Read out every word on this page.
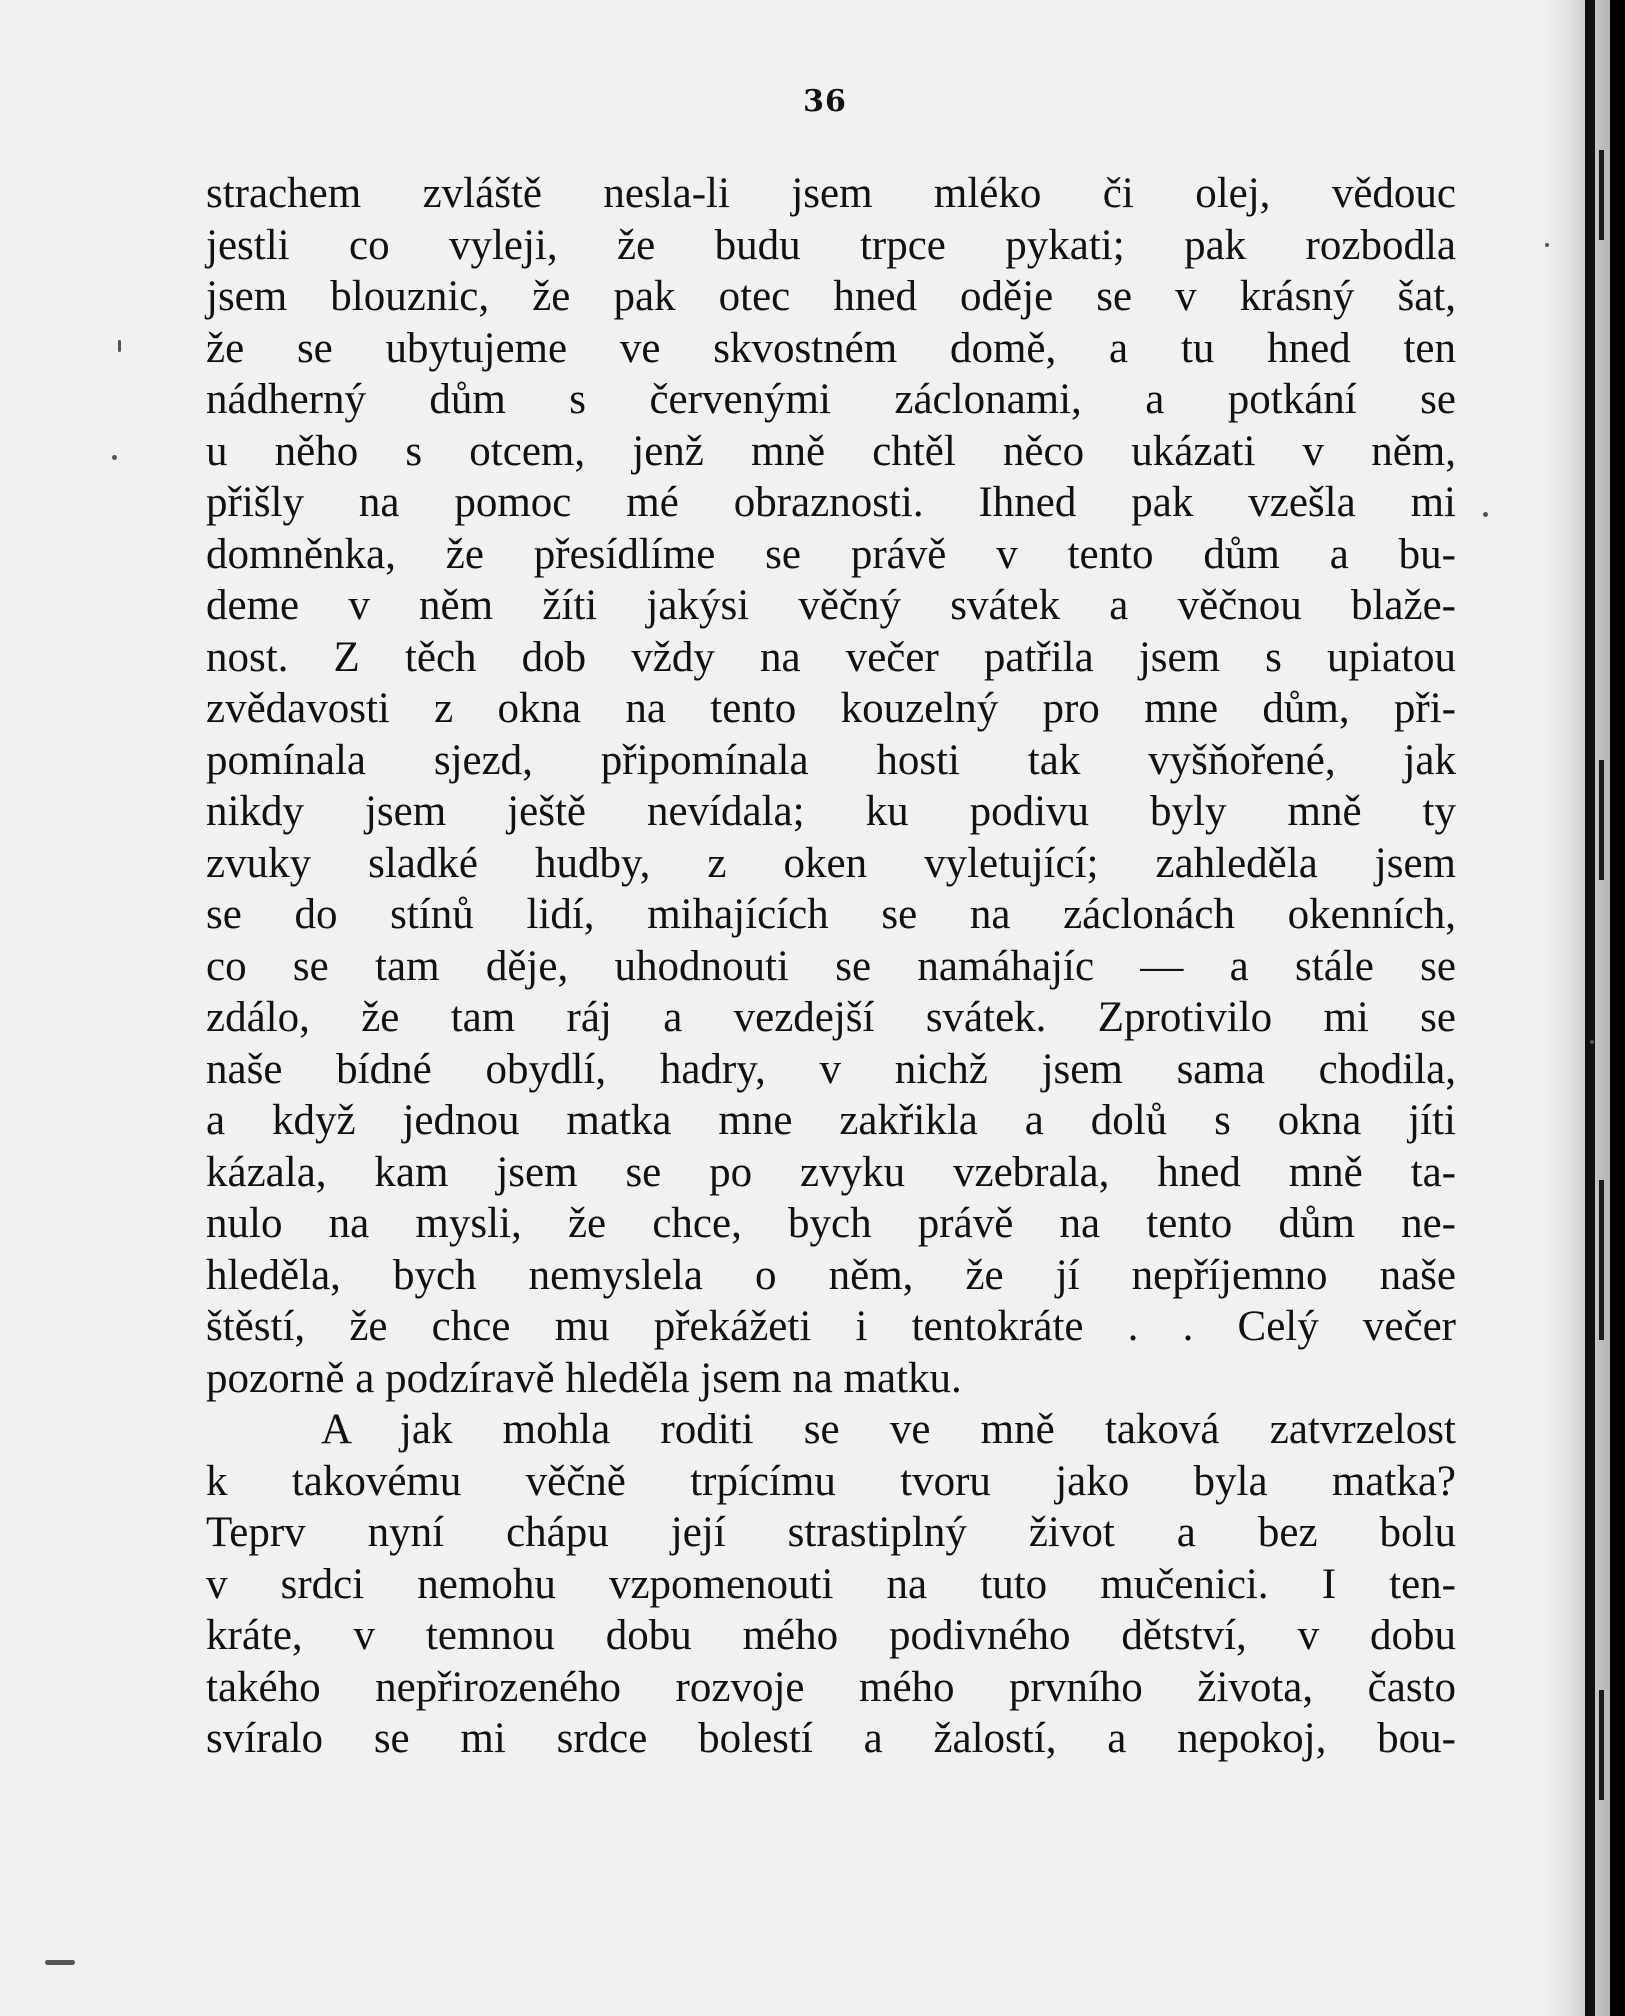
36
strachem zvláště nesla-li jsem mléko či olej, vědouc
jestli co vyleji, že budu trpce pykati; pak rozbodla
jsem blouznic, že pak otec hned oděje se v krásný šat,
že se ubytujeme ve skvostném domě, a tu hned ten
nádherný dům s červenými záclonami, a potkání se
u něho s otcem, jenž mně chtěl něco ukázati v něm,
přišly na pomoc mé obraznosti. Ihned pak vzešla mi
domněnka, že přesídlíme se právě v tento dům a bu-
deme v něm žíti jakýsi věčný svátek a věčnou blaže-
nost. Z těch dob vždy na večer patřila jsem s upiatou
zvědavosti z okna na tento kouzelný pro mne dům, při-
pomínala sjezd, připomínala hosti tak vyšňořené, jak
nikdy jsem ještě nevídala; ku podivu byly mně ty
zvuky sladké hudby, z oken vyletující; zahleděla jsem
se do stínů lidí, mihajících se na záclonách okenních,
co se tam děje, uhodnouti se namáhajíc — a stále se
zdálo, že tam ráj a vezdejší svátek. Zprotivilo mi se
naše bídné obydlí, hadry, v nichž jsem sama chodila,
a když jednou matka mne zakřikla a dolů s okna jíti
kázala, kam jsem se po zvyku vzebrala, hned mně ta-
nulo na mysli, že chce, bych právě na tento dům ne-
hleděla, bych nemyslela o něm, že jí nepříjemno naše
štěstí, že chce mu překážeti i tentokráte . . Celý večer
pozorně a podzíravě hleděla jsem na matku.
A jak mohla roditi se ve mně taková zatvrzelost
k takovému věčně trpícímu tvoru jako byla matka?
Teprv nyní chápu její strastiplný život a bez bolu
v srdci nemohu vzpomenouti na tuto mučenici. I ten-
kráte, v temnou dobu mého podivného dětství, v dobu
takého nepřirozeného rozvoje mého prvního života, často
svíralo se mi srdce bolestí a žalostí, a nepokoj, bou-
